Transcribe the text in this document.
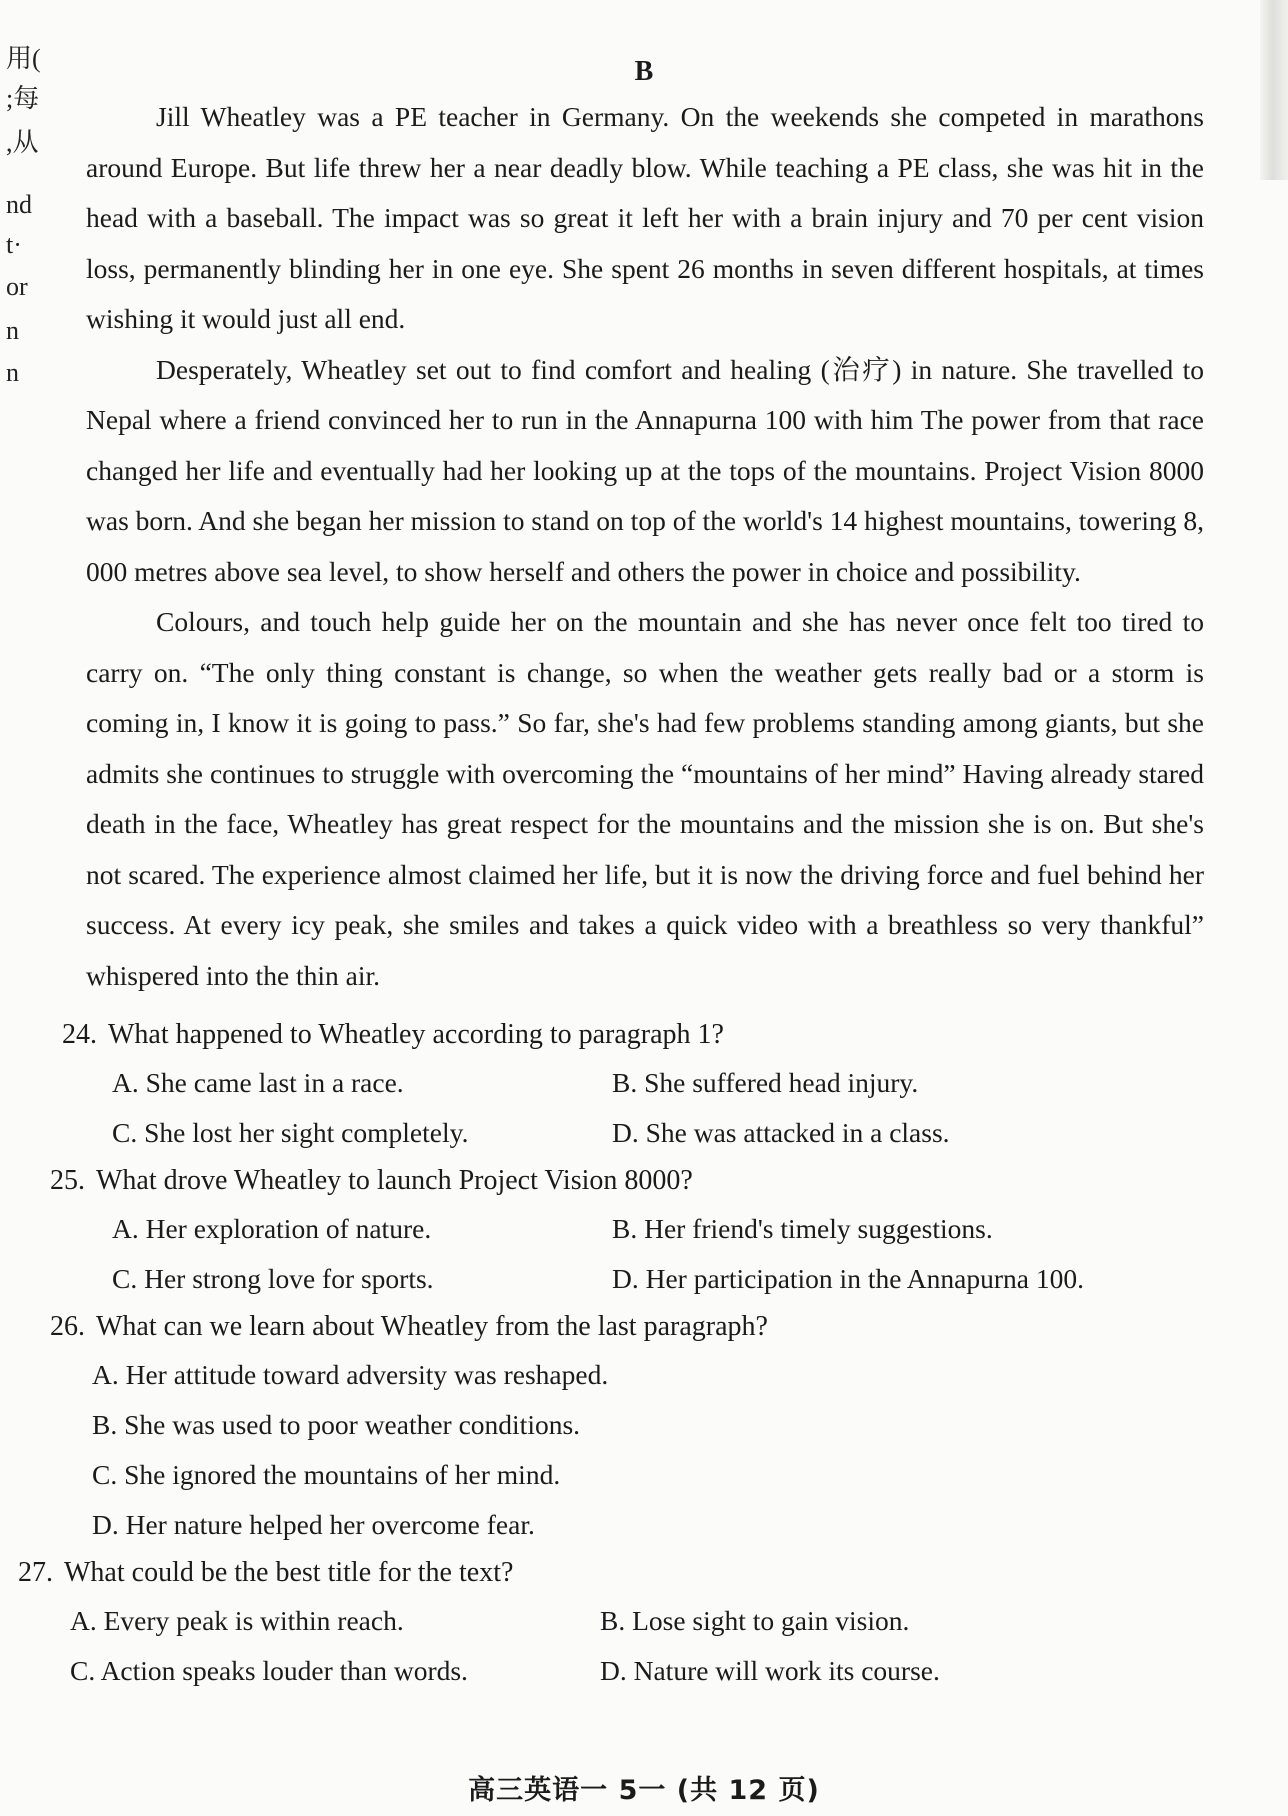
用(
;每
,从
nd
t·
or
n
n
B

Jill Wheatley was a PE teacher in Germany. On the weekends she competed in marathons around Europe. But life threw her a near deadly blow. While teaching a PE class, she was hit in the head with a baseball. The impact was so great it left her with a brain injury and 70 per cent vision loss, permanently blinding her in one eye. She spent 26 months in seven different hospitals, at times wishing it would just all end.

Desperately, Wheatley set out to find comfort and healing (治疗) in nature. She travelled to Nepal where a friend convinced her to run in the Annapurna 100 with him The power from that race changed her life and eventually had her looking up at the tops of the mountains. Project Vision 8000 was born. And she began her mission to stand on top of the world's 14 highest mountains, towering 8, 000 metres above sea level, to show herself and others the power in choice and possibility.

Colours, and touch help guide her on the mountain and she has never once felt too tired to carry on. “The only thing constant is change, so when the weather gets really bad or a storm is coming in, I know it is going to pass.” So far, she's had few problems standing among giants, but she admits she continues to struggle with overcoming the “mountains of her mind” Having already stared death in the face, Wheatley has great respect for the mountains and the mission she is on. But she's not scared. The experience almost claimed her life, but it is now the driving force and fuel behind her success. At every icy peak, she smiles and takes a quick video with a breathless so very thankful” whispered into the thin air.

24. What happened to Wheatley according to paragraph 1?
A. She came last in a race.	B. She suffered head injury.
C. She lost her sight completely.	D. She was attacked in a class.
25. What drove Wheatley to launch Project Vision 8000?
A. Her exploration of nature.	B. Her friend's timely suggestions.
C. Her strong love for sports.	D. Her participation in the Annapurna 100.
26. What can we learn about Wheatley from the last paragraph?
A. Her attitude toward adversity was reshaped.
B. She was used to poor weather conditions.
C. She ignored the mountains of her mind.
D. Her nature helped her overcome fear.
27. What could be the best title for the text?
A. Every peak is within reach.	B. Lose sight to gain vision.
C. Action speaks louder than words.	D. Nature will work its course.
高三英语一 5一 (共 12 页)
